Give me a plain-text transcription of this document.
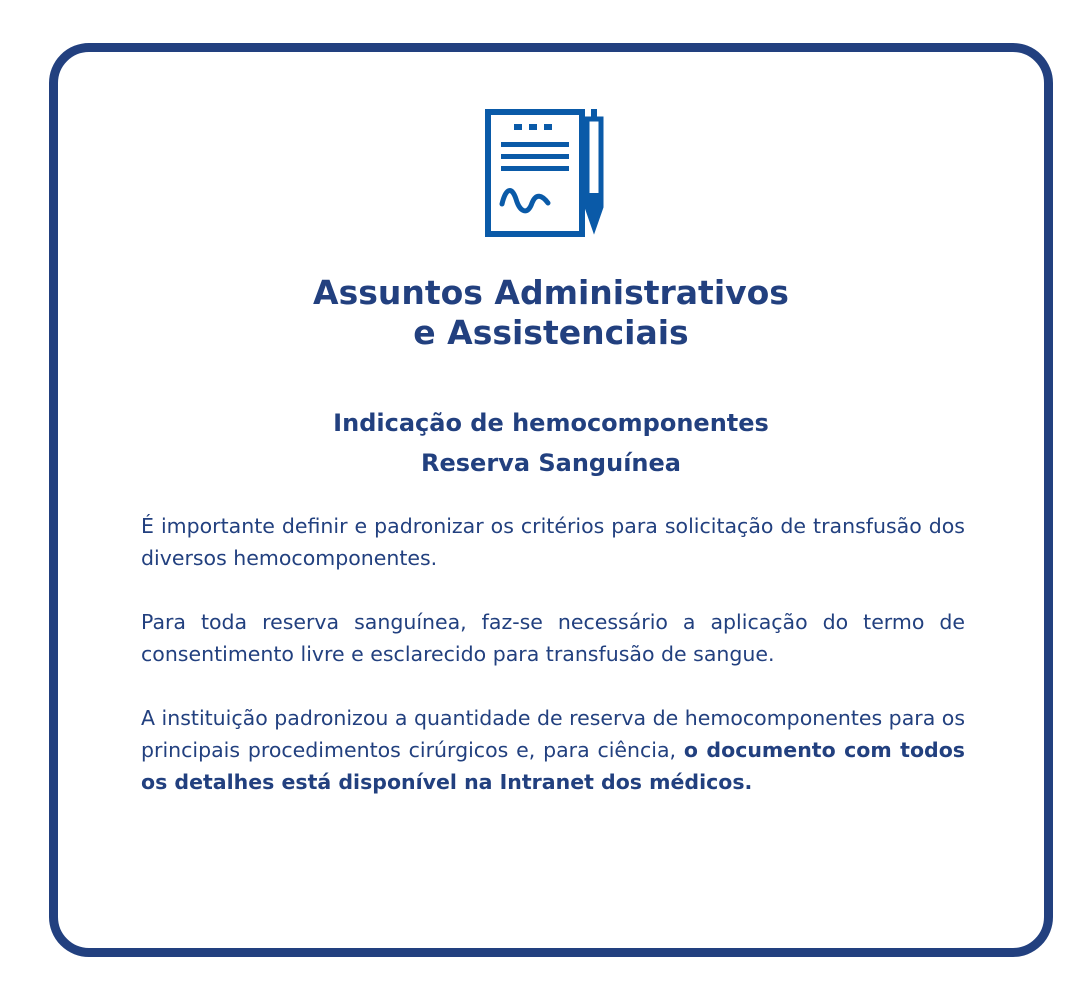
Assuntos Administrativos
e Assistenciais
Indicação de hemocomponentes
Reserva Sanguínea

É importante definir e padronizar os critérios para solicitação de transfusão dos diversos hemocomponentes.

Para toda reserva sanguínea, faz-se necessário a aplicação do termo de consentimento livre e esclarecido para transfusão de sangue.

A instituição padronizou a quantidade de reserva de hemocomponentes para os principais procedimentos cirúrgicos e, para ciência, o documento com todos os detalhes está disponível na Intranet dos médicos.
